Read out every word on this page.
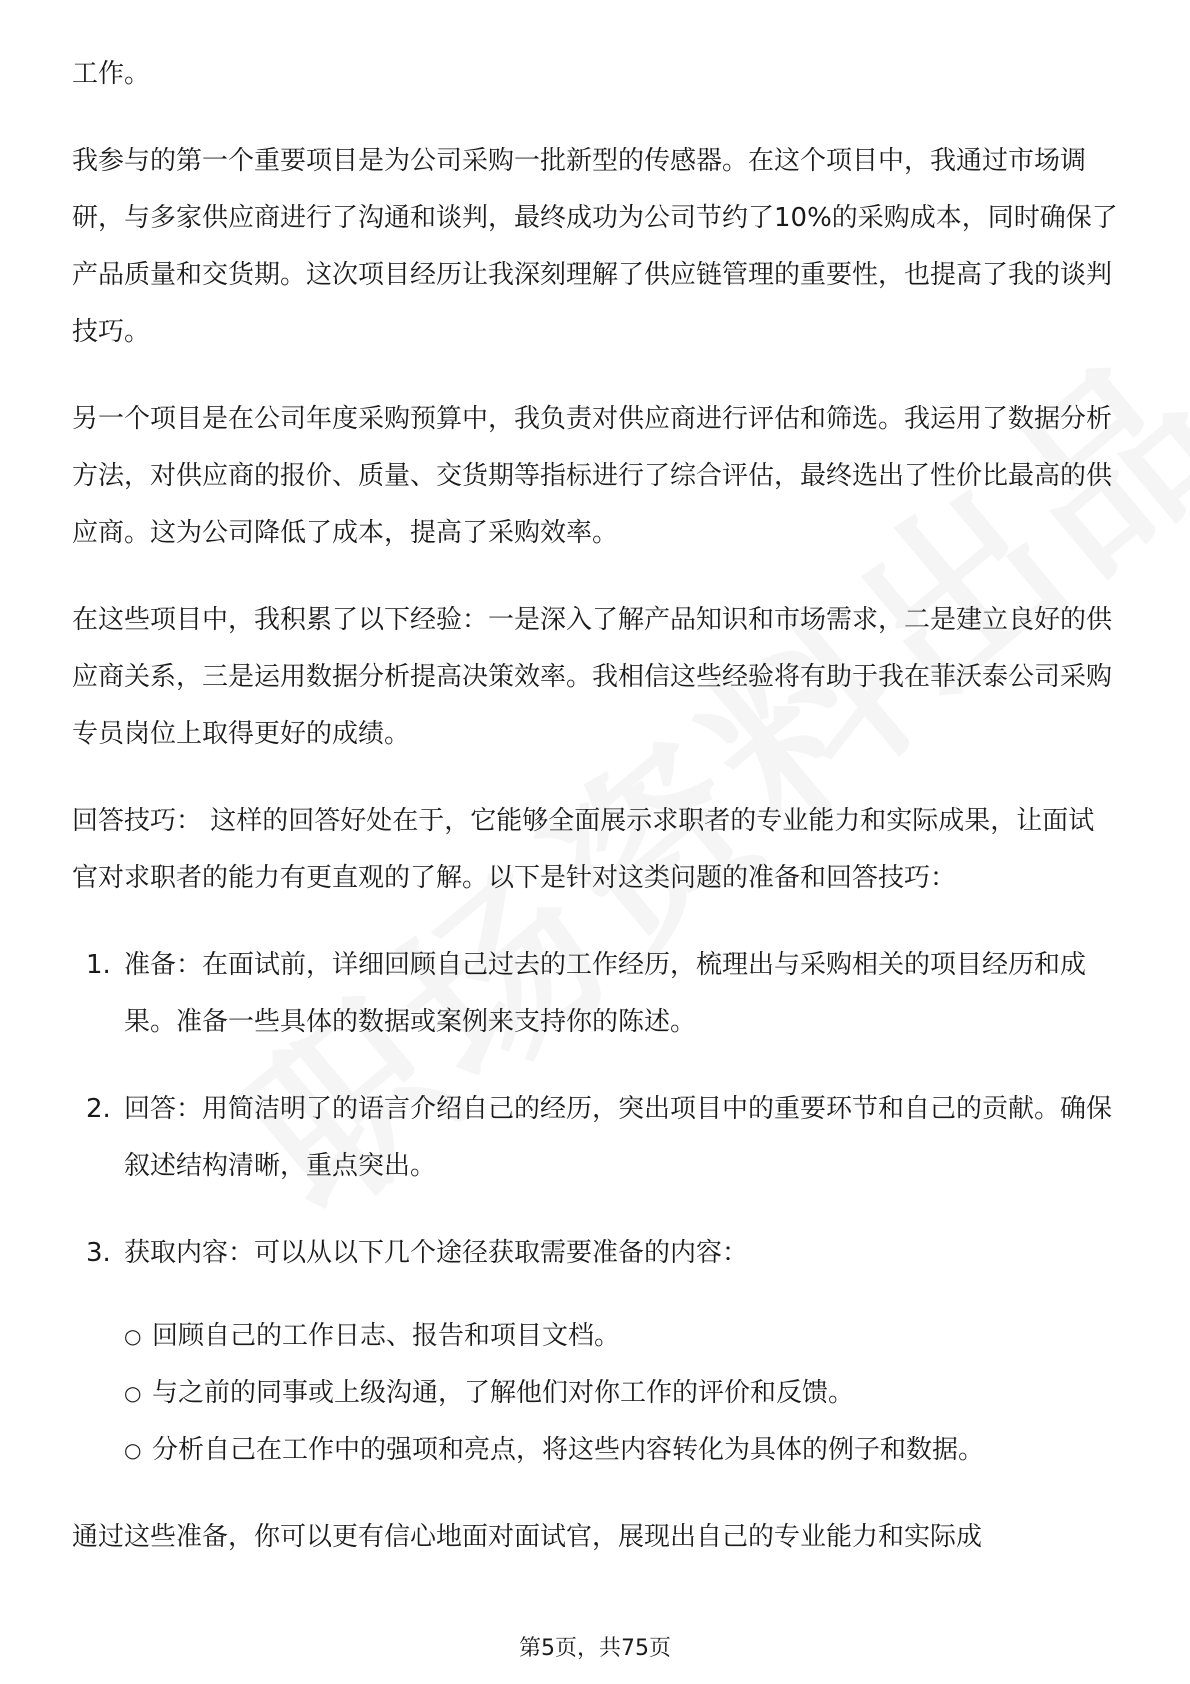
工作。

我参与的第一个重要项目是为公司采购一批新型的传感器。在这个项目中，我通过市场调研，与多家供应商进行了沟通和谈判，最终成功为公司节约了10%的采购成本，同时确保了产品质量和交货期。这次项目经历让我深刻理解了供应链管理的重要性，也提高了我的谈判技巧。

另一个项目是在公司年度采购预算中，我负责对供应商进行评估和筛选。我运用了数据分析方法，对供应商的报价、质量、交货期等指标进行了综合评估，最终选出了性价比最高的供应商。这为公司降低了成本，提高了采购效率。

在这些项目中，我积累了以下经验：一是深入了解产品知识和市场需求，二是建立良好的供应商关系，三是运用数据分析提高决策效率。我相信这些经验将有助于我在菲沃泰公司采购专员岗位上取得更好的成绩。

回答技巧： 这样的回答好处在于，它能够全面展示求职者的专业能力和实际成果，让面试官对求职者的能力有更直观的了解。以下是针对这类问题的准备和回答技巧：

1. 准备：在面试前，详细回顾自己过去的工作经历，梳理出与采购相关的项目经历和成果。准备一些具体的数据或案例来支持你的陈述。
2. 回答：用简洁明了的语言介绍自己的经历，突出项目中的重要环节和自己的贡献。确保叙述结构清晰，重点突出。
3. 获取内容：可以从以下几个途径获取需要准备的内容：
○ 回顾自己的工作日志、报告和项目文档。
○ 与之前的同事或上级沟通，了解他们对你工作的评价和反馈。
○ 分析自己在工作中的强项和亮点，将这些内容转化为具体的例子和数据。

通过这些准备，你可以更有信心地面对面试官，展现出自己的专业能力和实际成

第5页，共75页
